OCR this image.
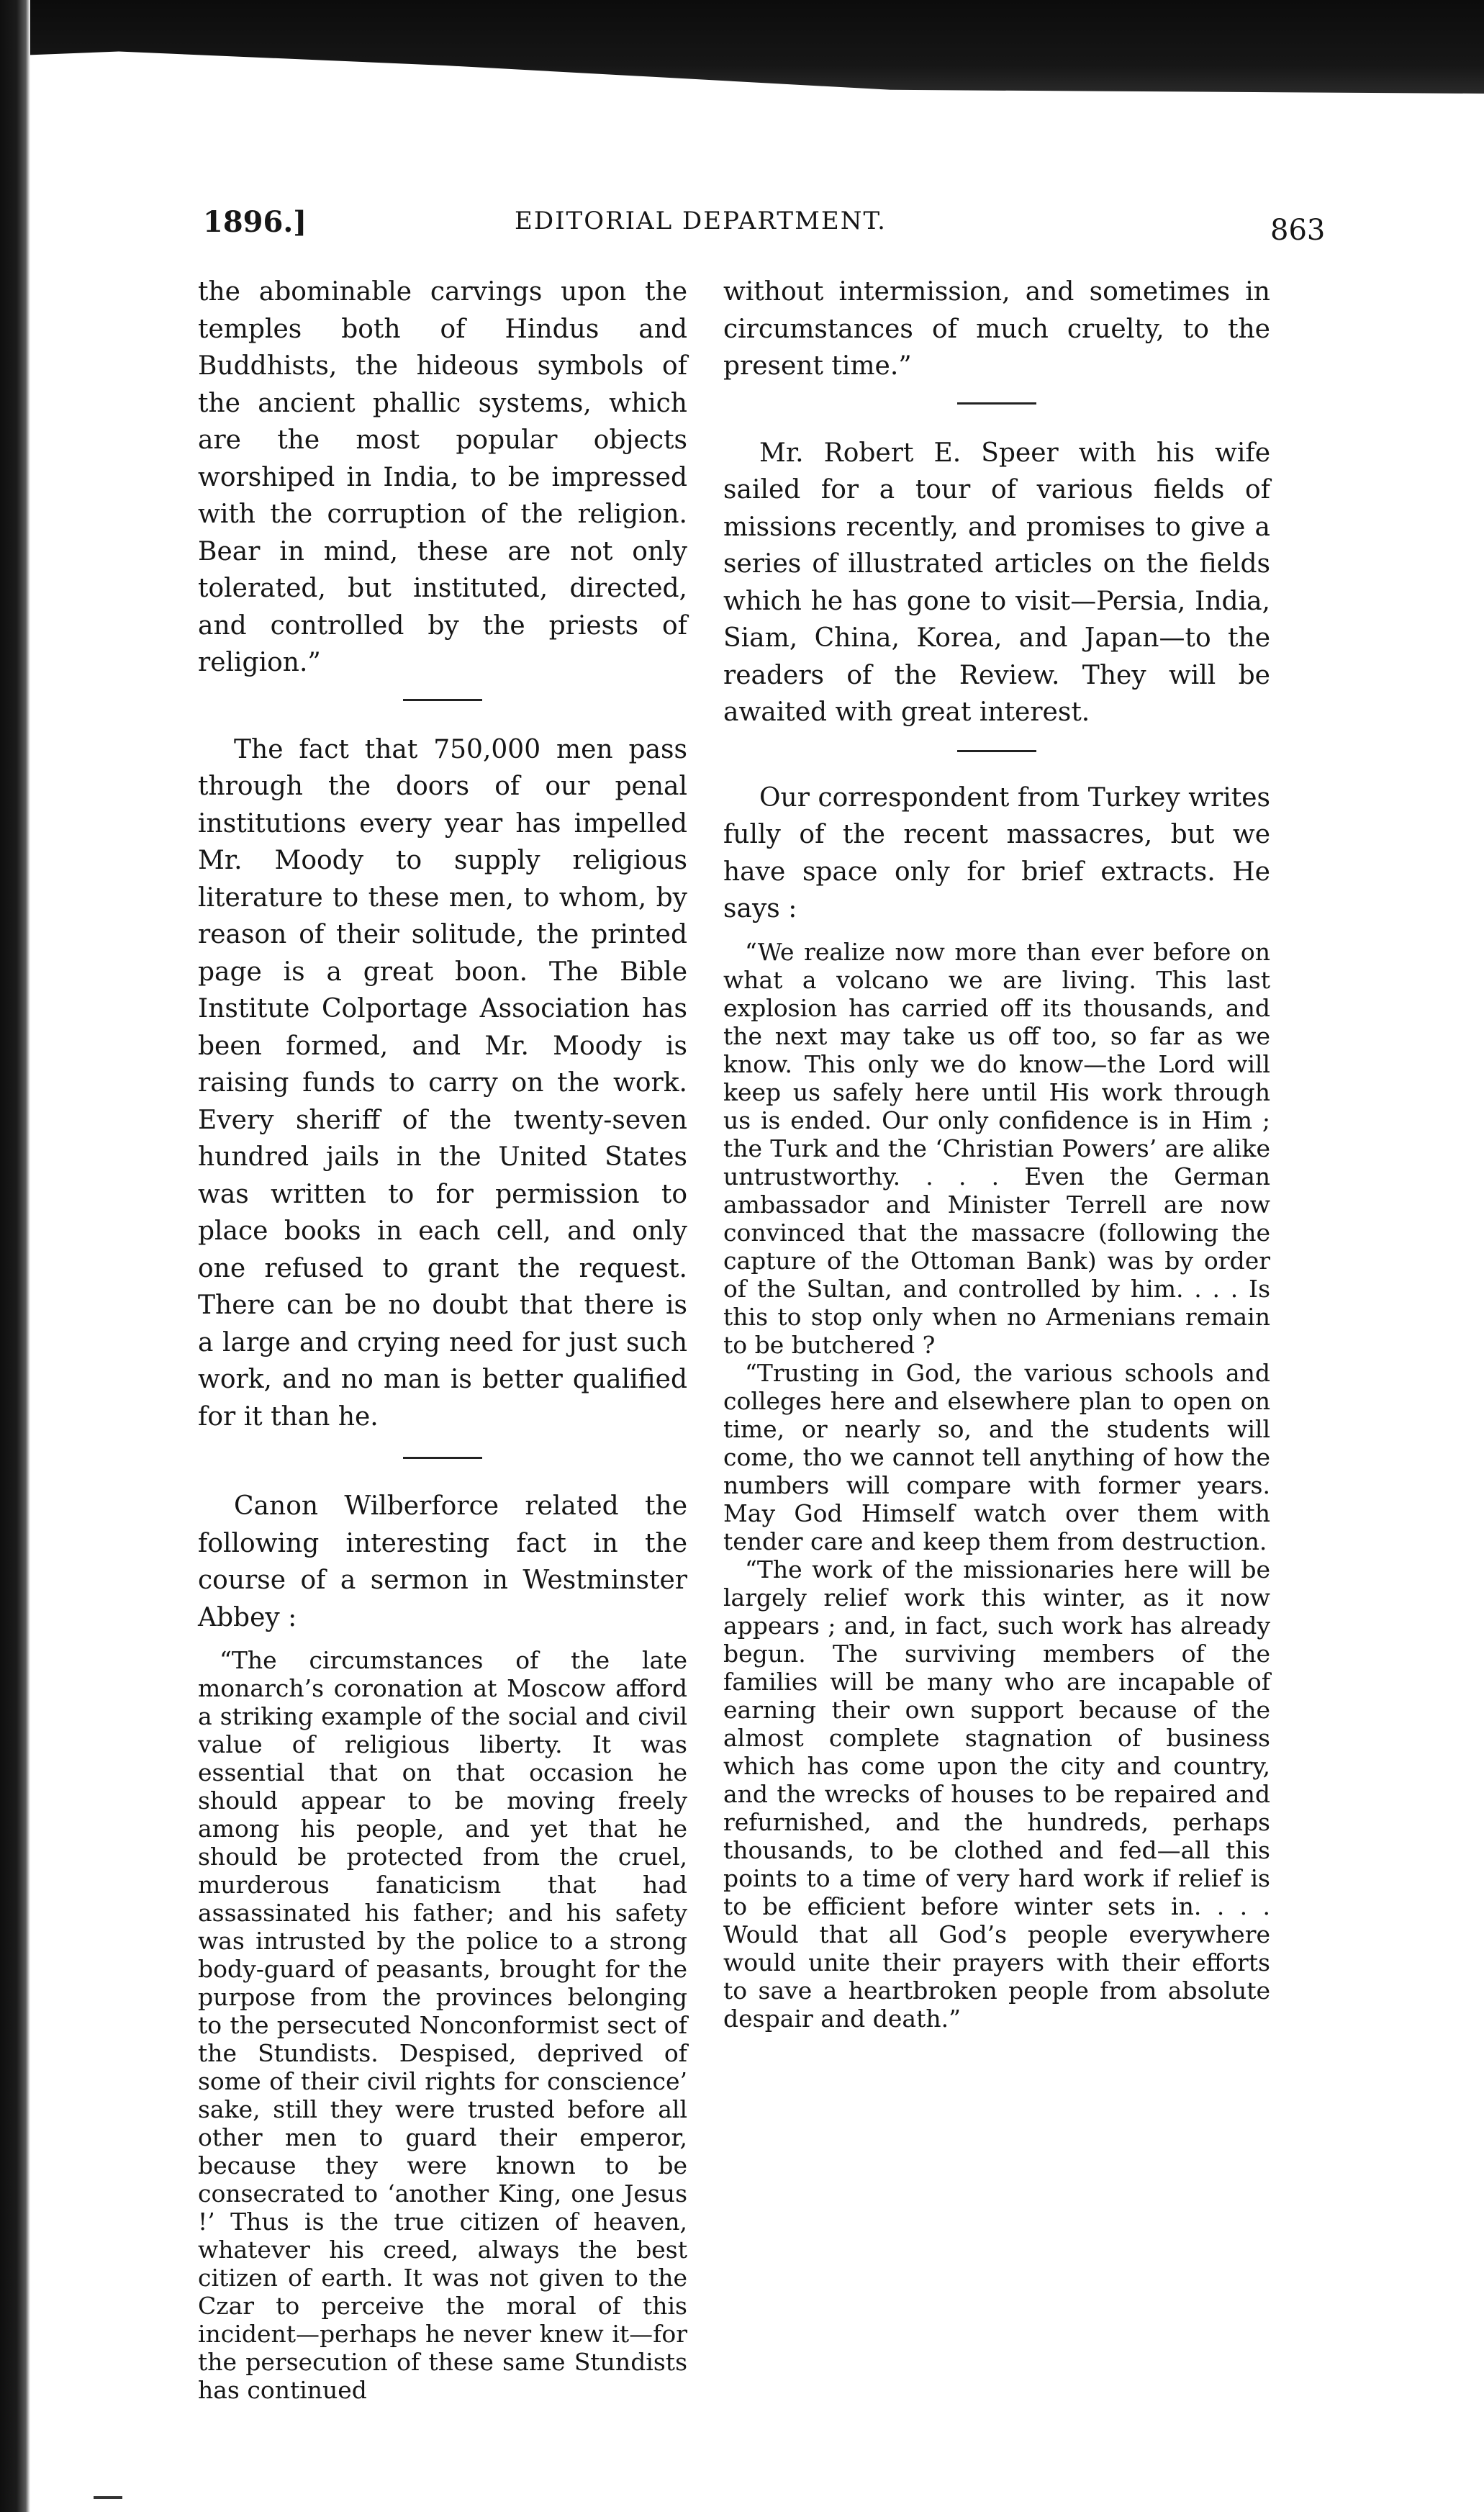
1896.]	EDITORIAL DEPARTMENT.	863

the abominable carvings upon the temples both of Hindus and Buddhists, the hideous symbols of the ancient phallic systems, which are the most popular objects worshiped in India, to be impressed with the corruption of the religion. Bear in mind, these are not only tolerated, but instituted, directed, and controlled by the priests of religion.”

The fact that 750,000 men pass through the doors of our penal institutions every year has impelled Mr. Moody to supply religious literature to these men, to whom, by reason of their solitude, the printed page is a great boon. The Bible Institute Colportage Association has been formed, and Mr. Moody is raising funds to carry on the work. Every sheriff of the twenty-seven hundred jails in the United States was written to for permission to place books in each cell, and only one refused to grant the request. There can be no doubt that there is a large and crying need for just such work, and no man is better qualified for it than he.

Canon Wilberforce related the following interesting fact in the course of a sermon in Westminster Abbey :

“The circumstances of the late monarch’s coronation at Moscow afford a striking example of the social and civil value of religious liberty. It was essential that on that occasion he should appear to be moving freely among his people, and yet that he should be protected from the cruel, murderous fanaticism that had assassinated his father; and his safety was intrusted by the police to a strong body-guard of peasants, brought for the purpose from the provinces belonging to the persecuted Nonconformist sect of the Stundists. Despised, deprived of some of their civil rights for conscience’ sake, still they were trusted before all other men to guard their emperor, because they were known to be consecrated to ‘another King, one Jesus !’ Thus is the true citizen of heaven, whatever his creed, always the best citizen of earth. It was not given to the Czar to perceive the moral of this incident—perhaps he never knew it—for the persecution of these same Stundists has continued

without intermission, and sometimes in circumstances of much cruelty, to the present time.”

Mr. Robert E. Speer with his wife sailed for a tour of various fields of missions recently, and promises to give a series of illustrated articles on the fields which he has gone to visit—Persia, India, Siam, China, Korea, and Japan—to the readers of the Review. They will be awaited with great interest.

Our correspondent from Turkey writes fully of the recent massacres, but we have space only for brief extracts. He says :

“We realize now more than ever before on what a volcano we are living. This last explosion has carried off its thousands, and the next may take us off too, so far as we know. This only we do know—the Lord will keep us safely here until His work through us is ended. Our only confidence is in Him ; the Turk and the ‘Christian Powers’ are alike untrustworthy. . . . Even the German ambassador and Minister Terrell are now convinced that the massacre (following the capture of the Ottoman Bank) was by order of the Sultan, and controlled by him. . . . Is this to stop only when no Armenians remain to be butchered ?

“Trusting in God, the various schools and colleges here and elsewhere plan to open on time, or nearly so, and the students will come, tho we cannot tell anything of how the numbers will compare with former years. May God Himself watch over them with tender care and keep them from destruction.

“The work of the missionaries here will be largely relief work this winter, as it now appears ; and, in fact, such work has already begun. The surviving members of the families will be many who are incapable of earning their own support because of the almost complete stagnation of business which has come upon the city and country, and the wrecks of houses to be repaired and refurnished, and the hundreds, perhaps thousands, to be clothed and fed—all this points to a time of very hard work if relief is to be efficient before winter sets in. . . . Would that all God’s people everywhere would unite their prayers with their efforts to save a heartbroken people from absolute despair and death.”
